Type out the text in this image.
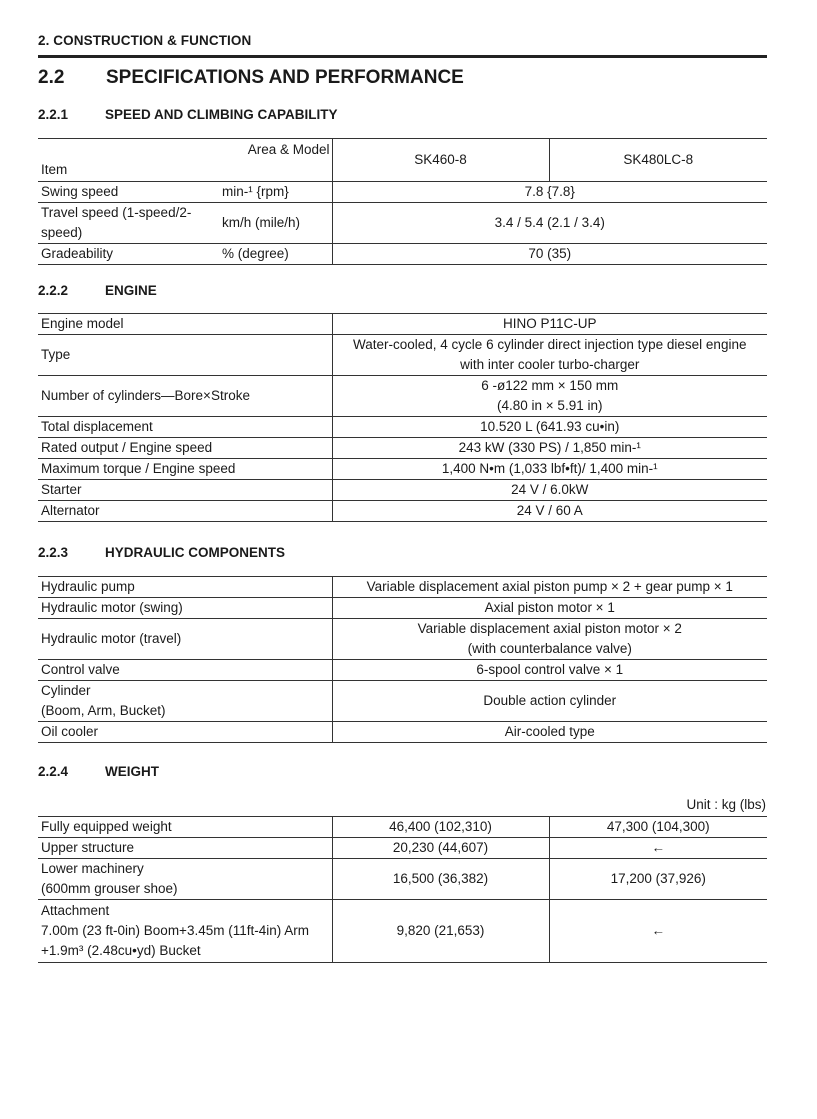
2. CONSTRUCTION & FUNCTION
2.2 SPECIFICATIONS AND PERFORMANCE
2.2.1	SPEED AND CLIMBING CAPABILITY
Area & Model
Item		SK460-8	SK480LC-8
Swing speed	min-¹ {rpm}	7.8 {7.8}	
Travel speed (1-speed/2-speed)	km/h (mile/h)	3.4 / 5.4 (2.1 / 3.4)	
Gradeability	% (degree)	70 (35)	
2.2.2	ENGINE
Engine model	HINO P11C-UP
Type	Water-cooled, 4 cycle 6 cylinder direct injection type diesel engine
with inter cooler turbo-charger

Number of cylinders—Bore×Stroke	6 -ø122 mm × 150 mm
(4.80 in × 5.91 in)

Total displacement	10.520 L (641.93 cu•in)
Rated output / Engine speed	243 kW (330 PS) / 1,850 min-¹
Maximum torque / Engine speed	1,400 N•m (1,033 lbf•ft)/ 1,400 min-¹
Starter	24 V / 6.0kW
Alternator	24 V / 60 A
2.2.3	HYDRAULIC COMPONENTS
Hydraulic pump	Variable displacement axial piston pump × 2 + gear pump × 1
Hydraulic motor (swing)	Axial piston motor × 1
Hydraulic motor (travel)	Variable displacement axial piston motor × 2
(with counterbalance valve)

Control valve	6-spool control valve × 1

Cylinder
(Boom, Arm, Bucket)	Double action cylinder
Oil cooler	Air-cooled type
2.2.4	WEIGHT
Unit : kg (lbs)
Fully equipped weight	46,400 (102,310)	47,300 (104,300)
Upper structure	20,230 (44,607)	←

Lower machinery
(600mm grouser shoe)	16,500 (36,382)	17,200 (37,926)

Attachment
7.00m (23 ft-0in) Boom+3.45m (11ft-4in) Arm
+1.9m³ (2.48cu•yd) Bucket	9,820 (21,653)	←
